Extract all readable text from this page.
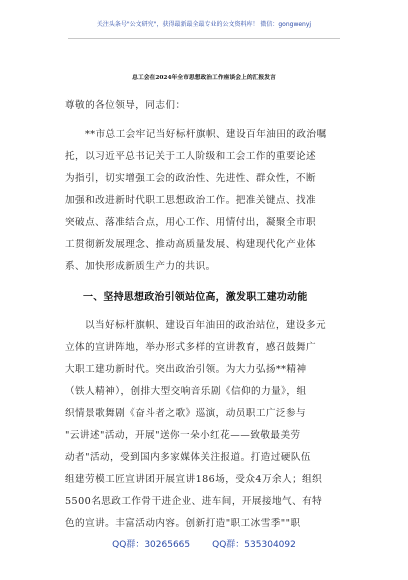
关注头条号"公文研究"，获得最新最全最专业的公文资料库！ 微信：gongwenyj
总工会在2024年全市思想政治工作座谈会上的汇报发言
尊敬的各位领导，同志们：
**市总工会牢记当好标杆旗帜、建设百年油田的政治嘱
托，以习近平总书记关于工人阶级和工会工作的重要论述
为指引，切实增强工会的政治性、先进性、群众性，不断
加强和改进新时代职工思想政治工作。把准关键点、找准
突破点、落准结合点，用心工作、用情付出，凝聚全市职
工贯彻新发展理念、推动高质量发展、构建现代化产业体
系、加快形成新质生产力的共识。
一、坚持思想政治引领站位高，激发职工建功动能
以当好标杆旗帜、建设百年油田的政治站位，建设多元
立体的宣讲阵地，举办形式多样的宣讲教育，感召鼓舞广
大职工建功新时代。突出政治引领。为大力弘扬**精神
（铁人精神），创排大型交响音乐剧《信仰的力量》，组
织情景歌舞剧《奋斗者之歌》巡演，动员职工广泛参与
"云讲述"活动，开展"送你一朵小红花——致敬最美劳
动者"活动，受到国内多家媒体关注报道。打造过硬队伍
组建劳模工匠宣讲团开展宣讲186场，受众4万余人；组织
5500名思政工作骨干进企业、进车间，开展接地气、有特
色的宣讲。丰富活动内容。创新打造"职工冰雪季""职
QQ群：30265665 QQ群：535304092
